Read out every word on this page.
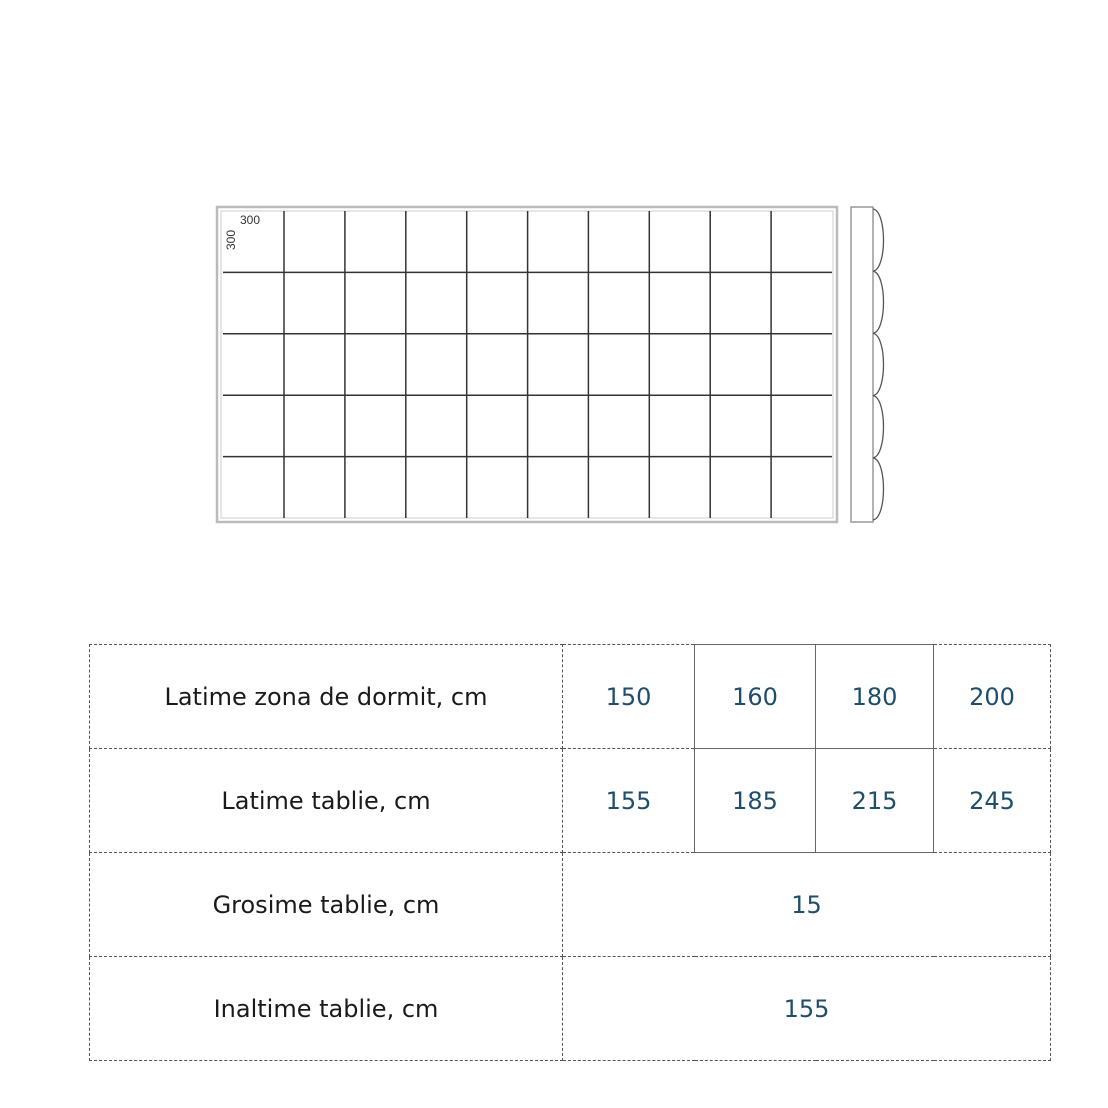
300
300
Latime zona de dormit, cm	150	160	180	200
Latime tablie, cm	155	185	215	245
Grosime tablie, cm	15			
Inaltime tablie, cm	155			
